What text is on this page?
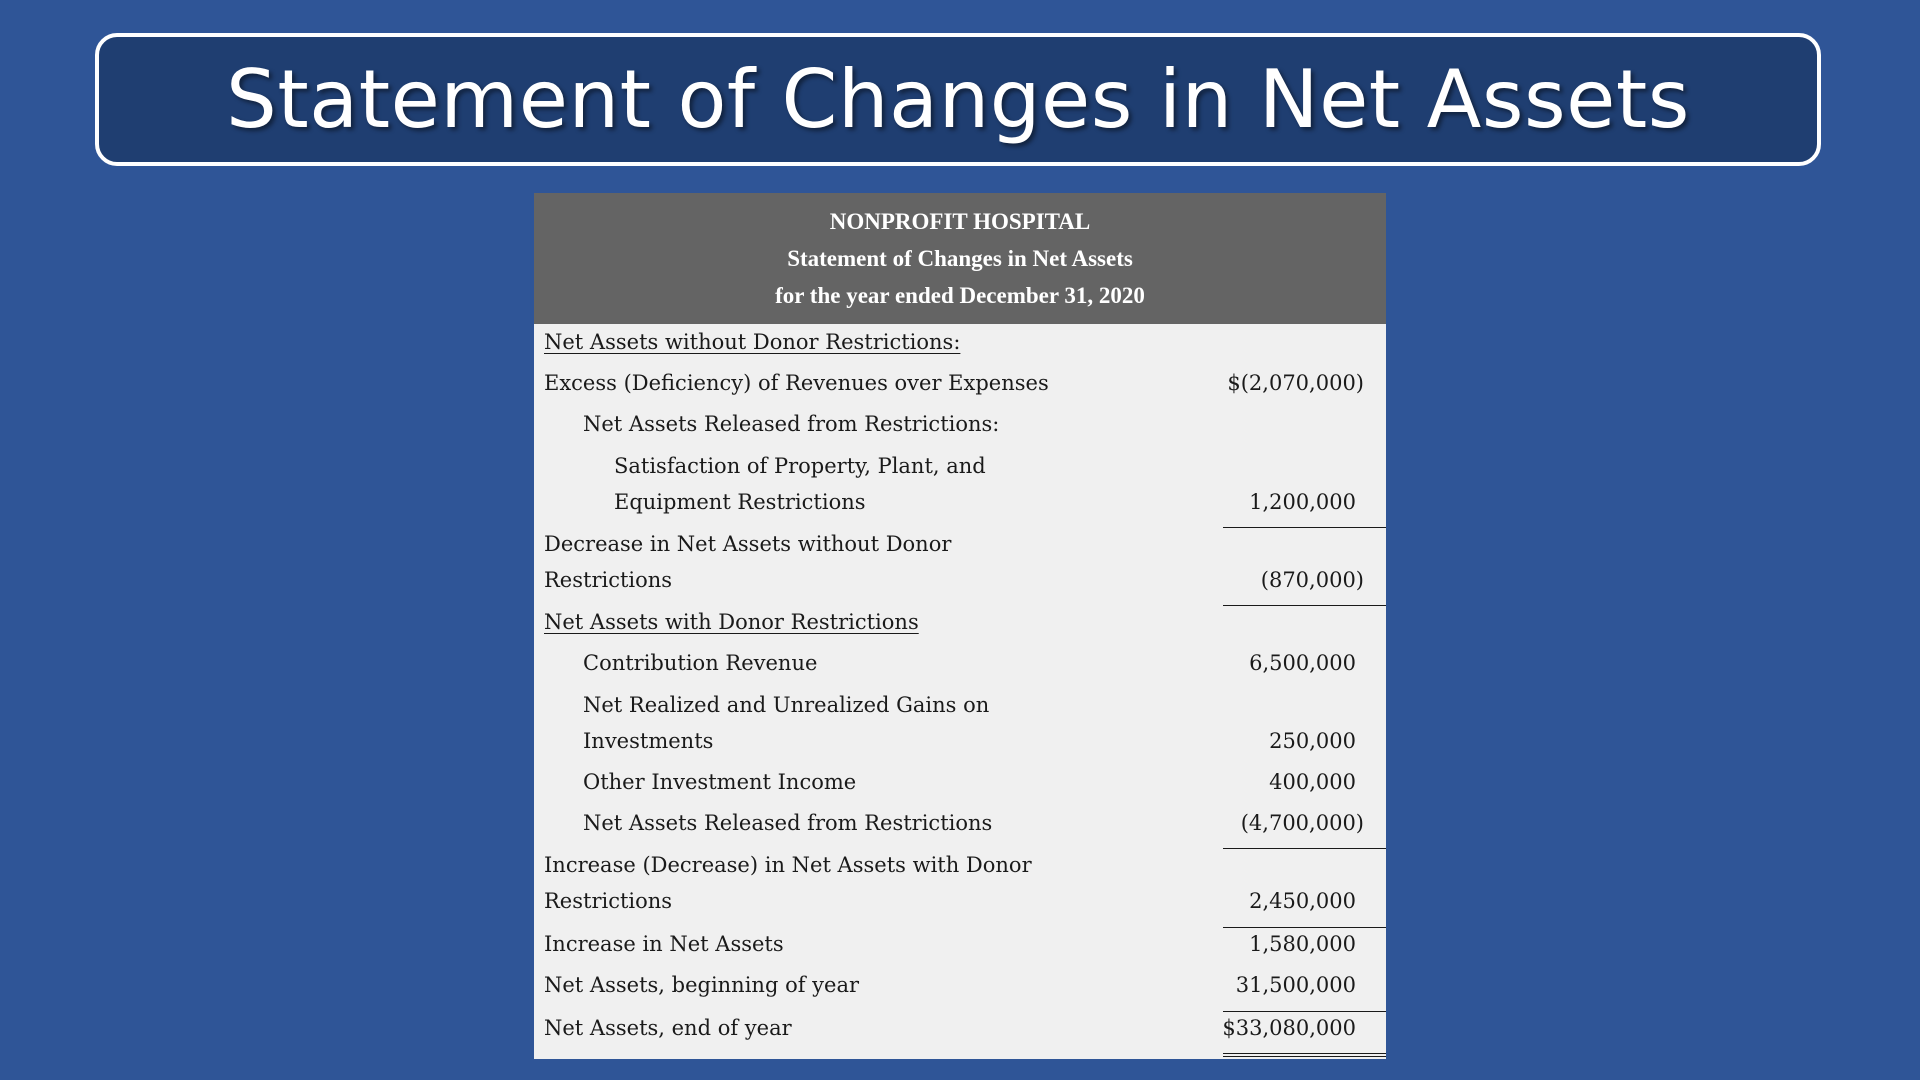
Statement of Changes in Net Assets
NONPROFIT HOSPITAL
Statement of Changes in Net Assets
for the year ended December 31, 2020
Net Assets without Donor Restrictions:
Excess (Deficiency) of Revenues over Expenses	$(2,070,000)
Net Assets Released from Restrictions:
Satisfaction of Property, Plant, and
Equipment Restrictions	1,200,000
Decrease in Net Assets without Donor
Restrictions	(870,000)
Net Assets with Donor Restrictions
Contribution Revenue	6,500,000
Net Realized and Unrealized Gains on
Investments	250,000
Other Investment Income	400,000
Net Assets Released from Restrictions	(4,700,000)
Increase (Decrease) in Net Assets with Donor
Restrictions	2,450,000
Increase in Net Assets	1,580,000
Net Assets, beginning of year	31,500,000
Net Assets, end of year	$33,080,000
